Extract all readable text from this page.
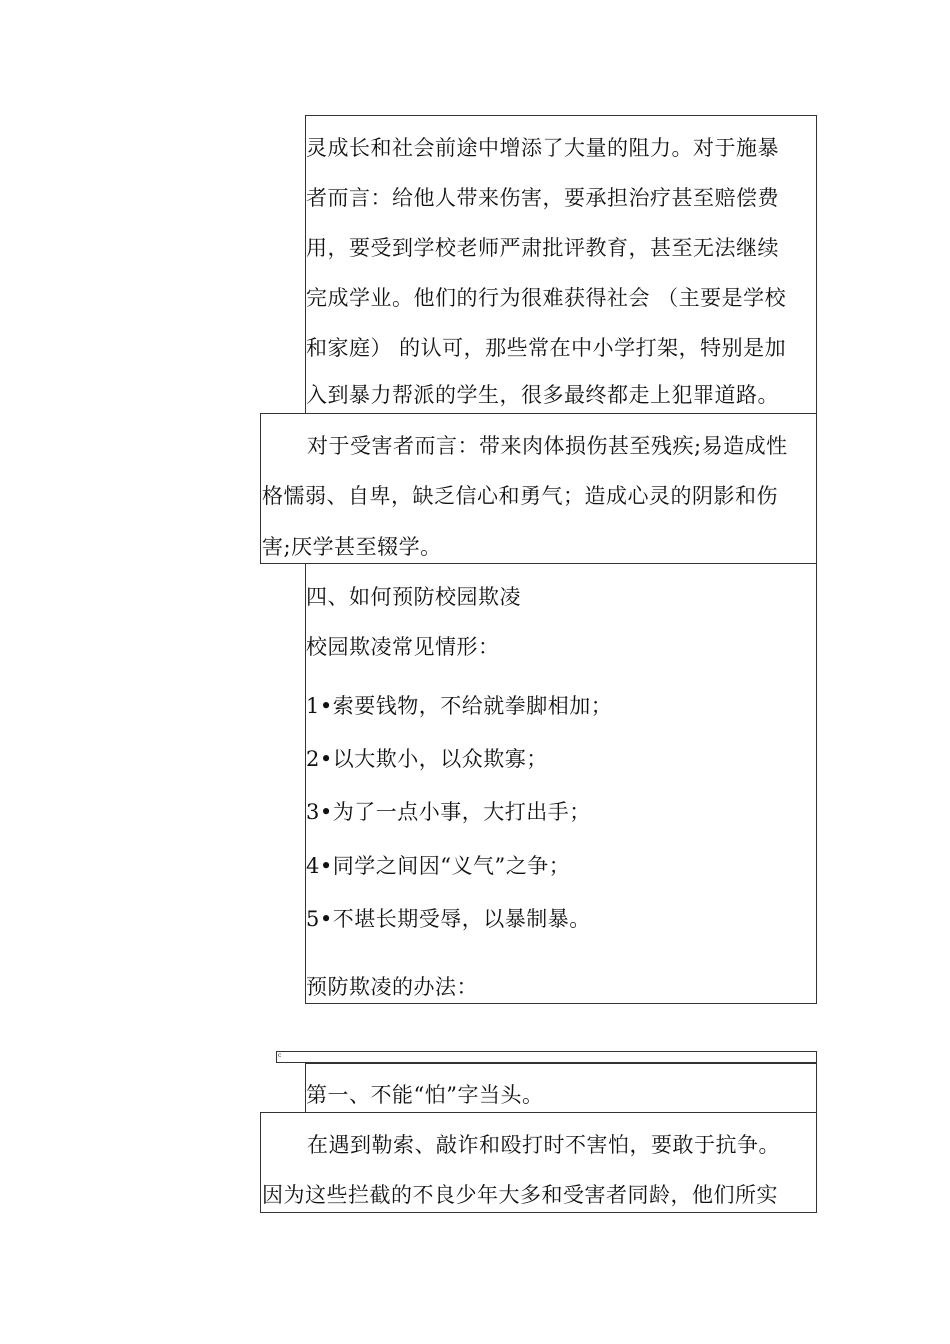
灵成长和社会前途中增添了大量的阻力。对于施暴
者而言：给他人带来伤害，要承担治疗甚至赔偿费
用，要受到学校老师严肃批评教育，甚至无法继续
完成学业。他们的行为很难获得社会 （主要是学校
和家庭） 的认可，那些常在中小学打架，特别是加
入到暴力帮派的学生，很多最终都走上犯罪道路。
对于受害者而言：带来肉体损伤甚至残疾;易造成性
格懦弱、自卑，缺乏信心和勇气；造成心灵的阴影和伤
害;厌学甚至辍学。
四、如何预防校园欺凌
校园欺凌常见情形：
1•索要钱物，不给就拳脚相加；
2•以大欺小，以众欺寡；
3•为了一点小事，大打出手；
4•同学之间因“义气”之争；
5•不堪长期受辱，以暴制暴。
预防欺凌的办法：
c
第一、不能“怕”字当头。
在遇到勒索、敲诈和殴打时不害怕，要敢于抗争。
因为这些拦截的不良少年大多和受害者同龄，他们所实
